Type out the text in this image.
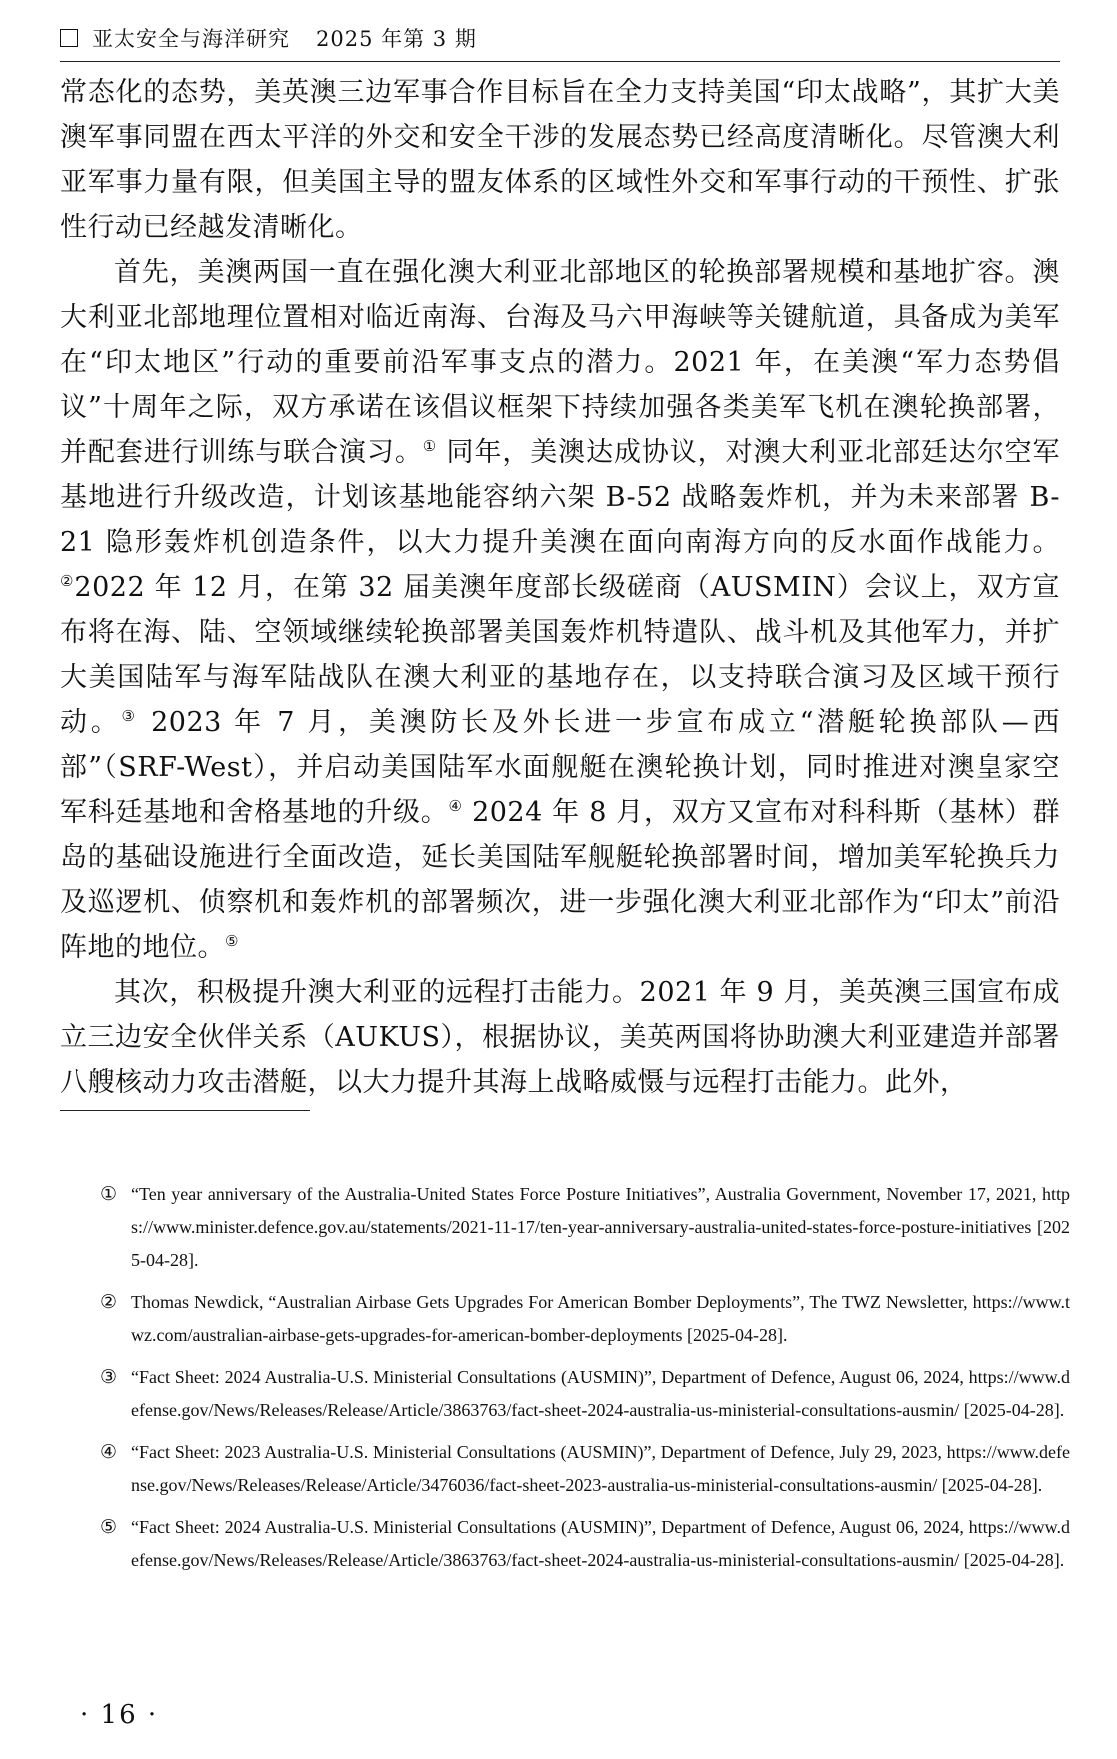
亚太安全与海洋研究 2025 年第 3 期

常态化的态势，美英澳三边军事合作目标旨在全力支持美国“印太战略”，其扩大美澳军事同盟在西太平洋的外交和安全干涉的发展态势已经高度清晰化。尽管澳大利亚军事力量有限，但美国主导的盟友体系的区域性外交和军事行动的干预性、扩张性行动已经越发清晰化。

首先，美澳两国一直在强化澳大利亚北部地区的轮换部署规模和基地扩容。澳大利亚北部地理位置相对临近南海、台海及马六甲海峡等关键航道，具备成为美军在“印太地区”行动的重要前沿军事支点的潜力。2021 年，在美澳“军力态势倡议”十周年之际，双方承诺在该倡议框架下持续加强各类美军飞机在澳轮换部署，并配套进行训练与联合演习。① 同年，美澳达成协议，对澳大利亚北部廷达尔空军基地进行升级改造，计划该基地能容纳六架 B-52 战略轰炸机，并为未来部署 B-21 隐形轰炸机创造条件，以大力提升美澳在面向南海方向的反水面作战能力。②2022 年 12 月，在第 32 届美澳年度部长级磋商（AUSMIN）会议上，双方宣布将在海、陆、空领域继续轮换部署美国轰炸机特遣队、战斗机及其他军力，并扩大美国陆军与海军陆战队在澳大利亚的基地存在，以支持联合演习及区域干预行动。③ 2023 年 7 月，美澳防长及外长进一步宣布成立“潜艇轮换部队—西部”（SRF-West），并启动美国陆军水面舰艇在澳轮换计划，同时推进对澳皇家空军科廷基地和舍格基地的升级。④ 2024 年 8 月，双方又宣布对科科斯（基林）群岛的基础设施进行全面改造，延长美国陆军舰艇轮换部署时间，增加美军轮换兵力及巡逻机、侦察机和轰炸机的部署频次，进一步强化澳大利亚北部作为“印太”前沿阵地的地位。⑤

其次，积极提升澳大利亚的远程打击能力。2021 年 9 月，美英澳三国宣布成立三边安全伙伴关系（AUKUS），根据协议，美英两国将协助澳大利亚建造并部署八艘核动力攻击潜艇，以大力提升其海上战略威慑与远程打击能力。此外，

① “Ten year anniversary of the Australia-United States Force Posture Initiatives”, Australia Government, November 17, 2021, https://www.minister.defence.gov.au/statements/2021-11-17/ten-year-anniversary-australia-united-states-force-posture-initiatives [2025-04-28].
② Thomas Newdick, “Australian Airbase Gets Upgrades For American Bomber Deployments”, The TWZ Newsletter, https://www.twz.com/australian-airbase-gets-upgrades-for-american-bomber-deployments [2025-04-28].
③ “Fact Sheet: 2024 Australia-U.S. Ministerial Consultations (AUSMIN)”, Department of Defence, August 06, 2024, https://www.defense.gov/News/Releases/Release/Article/3863763/fact-sheet-2024-australia-us-ministerial-consultations-ausmin/ [2025-04-28].
④ “Fact Sheet: 2023 Australia-U.S. Ministerial Consultations (AUSMIN)”, Department of Defence, July 29, 2023, https://www.defense.gov/News/Releases/Release/Article/3476036/fact-sheet-2023-australia-us-ministerial-consultations-ausmin/ [2025-04-28].
⑤ “Fact Sheet: 2024 Australia-U.S. Ministerial Consultations (AUSMIN)”, Department of Defence, August 06, 2024, https://www.defense.gov/News/Releases/Release/Article/3863763/fact-sheet-2024-australia-us-ministerial-consultations-ausmin/ [2025-04-28].
· 16 ·
